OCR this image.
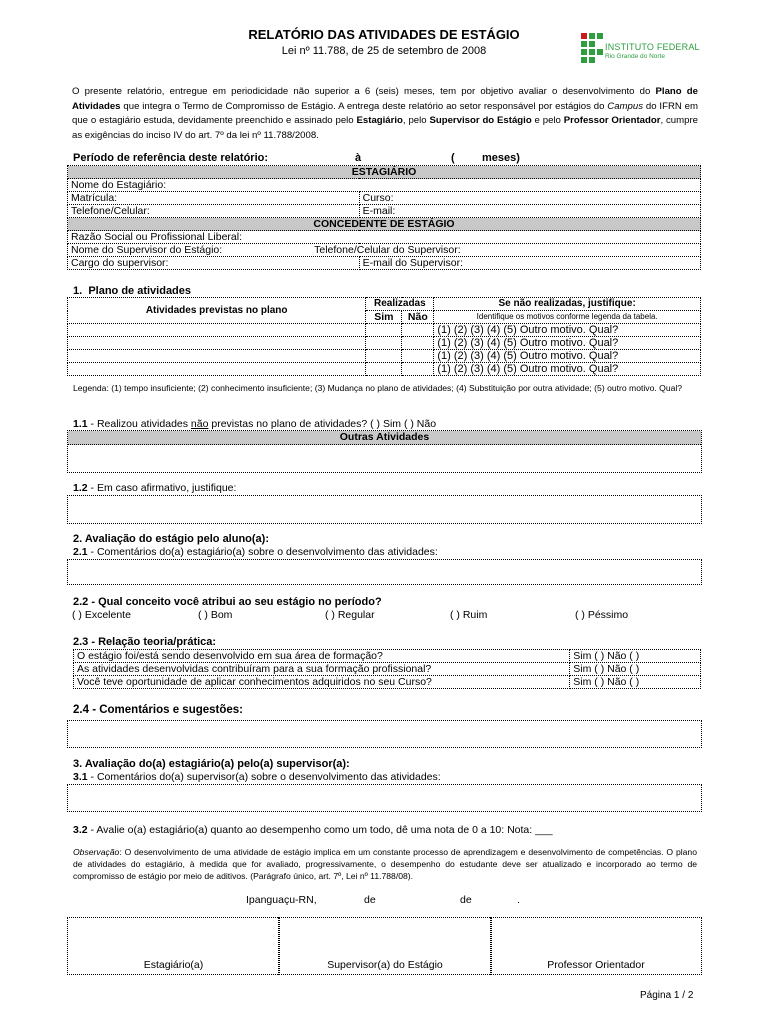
RELATÓRIO DAS ATIVIDADES DE ESTÁGIO
Lei nº 11.788, de 25 de setembro de 2008	INSTITUTO FEDERAL
Rio Grande do Norte
O presente relatório, entregue em periodicidade não superior a 6 (seis) meses, tem por objetivo avaliar o desenvolvimento do Plano de Atividades que integra o Termo de Compromisso de Estágio. A entrega deste relatório ao setor responsável por estágios do Campus do IFRN em que o estagiário estuda, devidamente preenchido e assinado pelo Estagiário, pelo Supervisor do Estágio e pelo Professor Orientador, cumpre as exigências do inciso IV do art. 7º da lei nº 11.788/2008.
Período de referência deste relatório:	à	( meses)
ESTAGIÁRIO	
Nome do Estagiário:	
Matrícula:	Curso:
Telefone/Celular:	E-mail:
CONCEDENTE DE ESTÁGIO	
Razão Social ou Profissional Liberal:	
Nome do Supervisor do Estágio:	Telefone/Celular do Supervisor:
Cargo do supervisor:	E-mail do Supervisor:
1. Plano de atividades
Atividades previstas no plano	Realizadas		Se não realizadas, justifique:
	Sim	Não	Identifique os motivos conforme legenda da tabela.
			(1) (2) (3) (4) (5) Outro motivo. Qual?
			(1) (2) (3) (4) (5) Outro motivo. Qual?
			(1) (2) (3) (4) (5) Outro motivo. Qual?
			(1) (2) (3) (4) (5) Outro motivo. Qual?
Legenda: (1) tempo insuficiente; (2) conhecimento insuficiente; (3) Mudança no plano de atividades; (4) Substituição por outra atividade; (5) outro motivo. Qual?
1.1 - Realizou atividades não previstas no plano de atividades? ( ) Sim ( ) Não
Outras Atividades
1.2 - Em caso afirmativo, justifique:
2. Avaliação do estágio pelo aluno(a):
2.1 - Comentários do(a) estagiário(a) sobre o desenvolvimento das atividades:
2.2 - Qual conceito você atribui ao seu estágio no período?
( ) Excelente	( ) Bom	( ) Regular	( ) Ruim	( ) Péssimo
2.3 - Relação teoria/prática:
O estágio foi/está sendo desenvolvido em sua área de formação?	Sim ( ) Não ( )
As atividades desenvolvidas contribuíram para a sua formação profissional?	Sim ( ) Não ( )
Você teve oportunidade de aplicar conhecimentos adquiridos no seu Curso?	Sim ( ) Não ( )
2.4 - Comentários e sugestões:
3. Avaliação do(a) estagiário(a) pelo(a) supervisor(a):
3.1 - Comentários do(a) supervisor(a) sobre o desenvolvimento das atividades:
3.2 - Avalie o(a) estagiário(a) quanto ao desempenho como um todo, dê uma nota de 0 a 10: Nota: ___
Observação: O desenvolvimento de uma atividade de estágio implica em um constante processo de aprendizagem e desenvolvimento de competências. O plano de atividades do estagiário, à medida que for avaliado, progressivamente, o desempenho do estudante deve ser atualizado e incorporado ao termo de compromisso de estágio por meio de aditivos. (Parágrafo único, art. 7º, Lei nº 11.788/08).
Ipanguaçu-RN,	de	de	.
Estagiário(a)	Supervisor(a) do Estágio	Professor Orientador
Página 1 / 2
